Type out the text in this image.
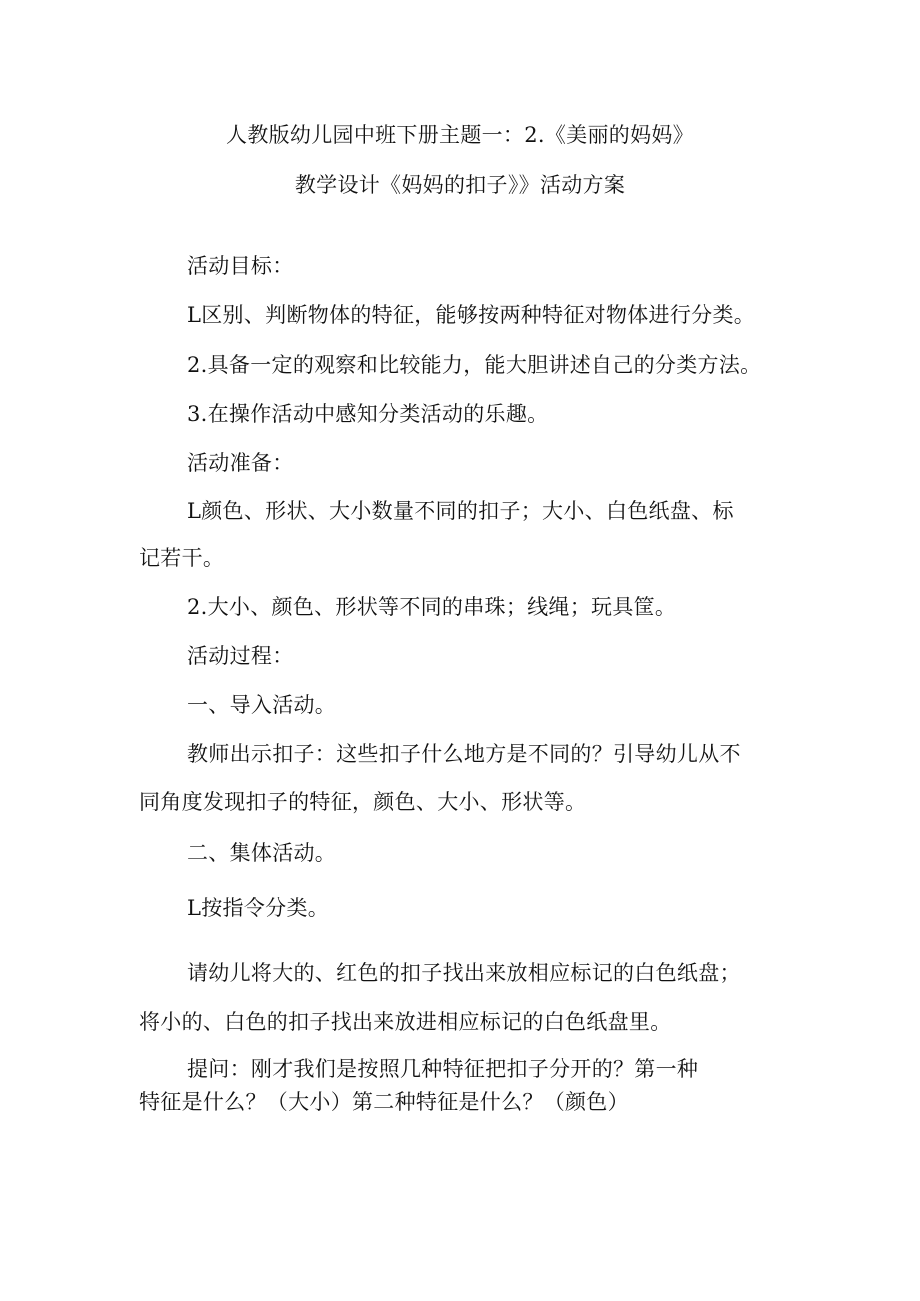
人教版幼儿园中班下册主题一：2.《美丽的妈妈》
教学设计《妈妈的扣子》》活动方案
活动目标：
L区别、判断物体的特征，能够按两种特征对物体进行分类。
2.具备一定的观察和比较能力，能大胆讲述自己的分类方法。
3.在操作活动中感知分类活动的乐趣。
活动准备：
L颜色、形状、大小数量不同的扣子；大小、白色纸盘、标
记若干。
2.大小、颜色、形状等不同的串珠；线绳；玩具筐。
活动过程：
一、导入活动。
教师出示扣子：这些扣子什么地方是不同的？引导幼儿从不
同角度发现扣子的特征，颜色、大小、形状等。
二、集体活动。
L按指令分类。
请幼儿将大的、红色的扣子找出来放相应标记的白色纸盘；
将小的、白色的扣子找出来放进相应标记的白色纸盘里。
提问：刚才我们是按照几种特征把扣子分开的？第一种
特征是什么？（大小）第二种特征是什么？（颜色）
